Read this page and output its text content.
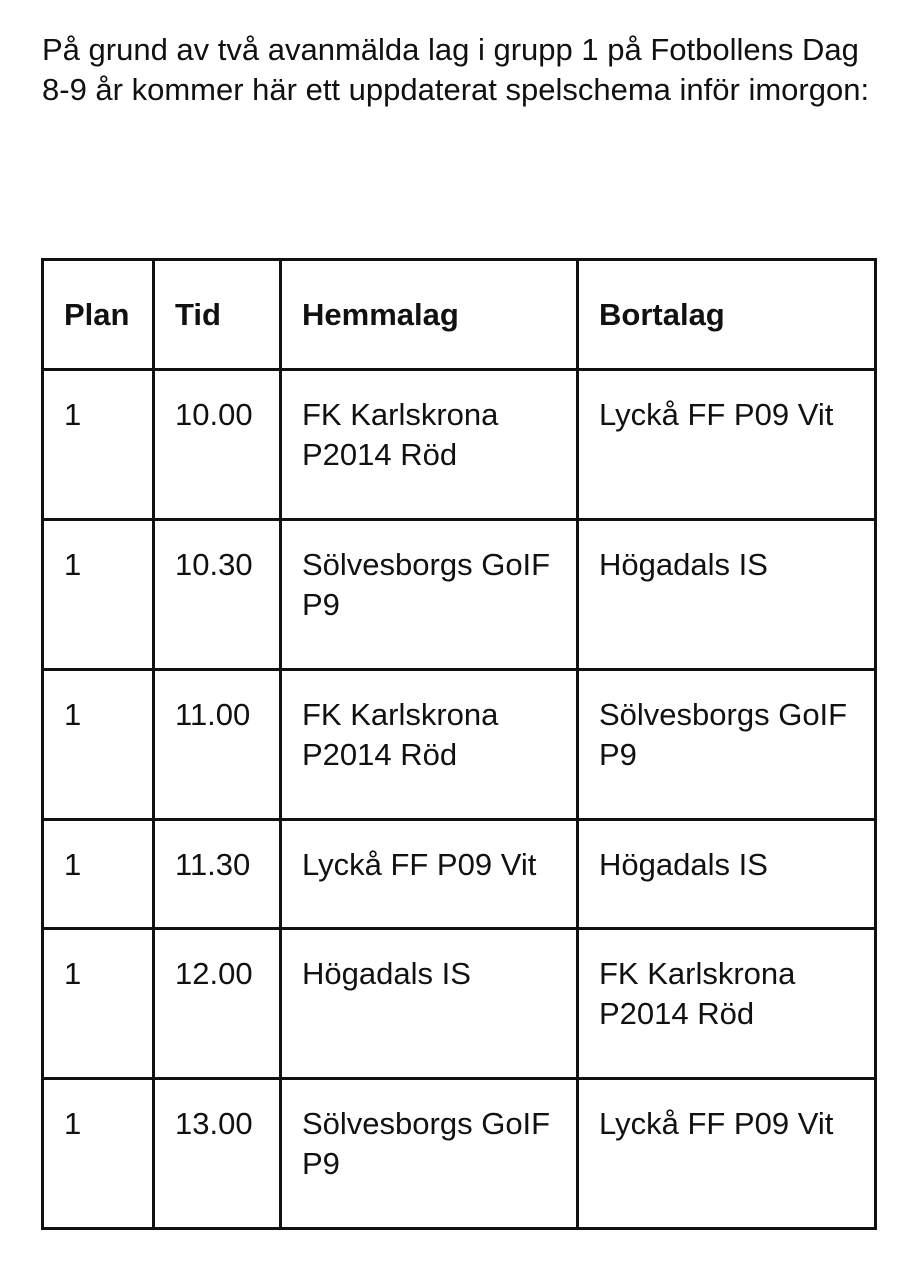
På grund av två avanmälda lag i grupp 1 på Fotbollens Dag 8-9 år kommer här ett uppdaterat spelschema inför imorgon:

Plan	Tid	Hemmalag	Bortalag
1	10.00	FK Karlskrona P2014 Röd	Lyckå FF P09 Vit
1	10.30	Sölvesborgs GoIF P9	Högadals IS
1	11.00	FK Karlskrona P2014 Röd	Sölvesborgs GoIF P9
1	11.30	Lyckå FF P09 Vit	Högadals IS
1	12.00	Högadals IS	FK Karlskrona P2014 Röd
1	13.00	Sölvesborgs GoIF P9	Lyckå FF P09 Vit
